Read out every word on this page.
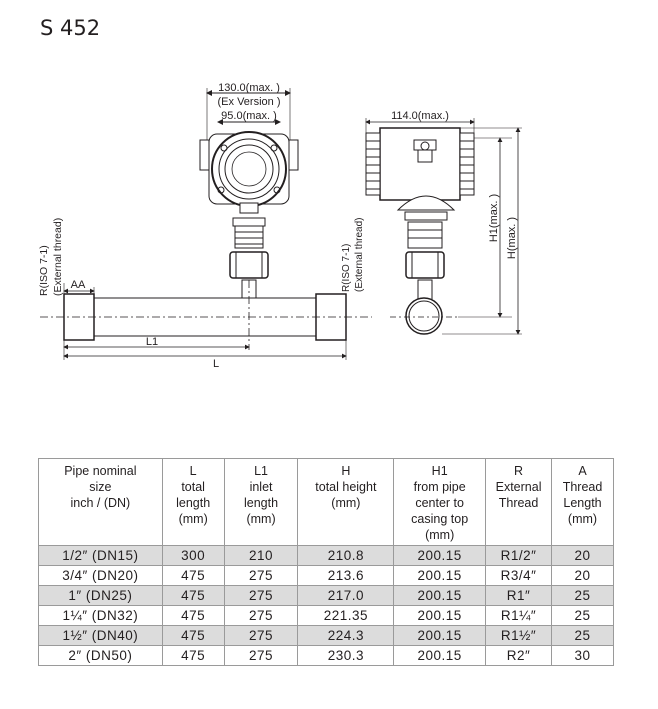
S 452
130.0(max. )
(Ex Version )
95.0(max. )
R(ISO 7-1) (External thread)	R(ISO 7-1) (External thread)
AA
L1
L
114.0(max.)
H1(max. ) H(max. )
Pipe nominal
size
inch / (DN)	L
total
length
(mm)	L1
inlet
length
(mm)	H
total height
(mm)	H1
from pipe
center to
casing top
(mm)	R
External
Thread	A
Thread
Length
(mm)
1/2″ (DN15)	300	210	210.8	200.15	R1/2″	20
3/4″ (DN20)	475	275	213.6	200.15	R3/4″	20
1″ (DN25)	475	275	217.0	200.15	R1″	25
1¼″ (DN32)	475	275	221.35	200.15	R1¼″	25
1½″ (DN40)	475	275	224.3	200.15	R1½″	25
2″ (DN50)	475	275	230.3	200.15	R2″	30
